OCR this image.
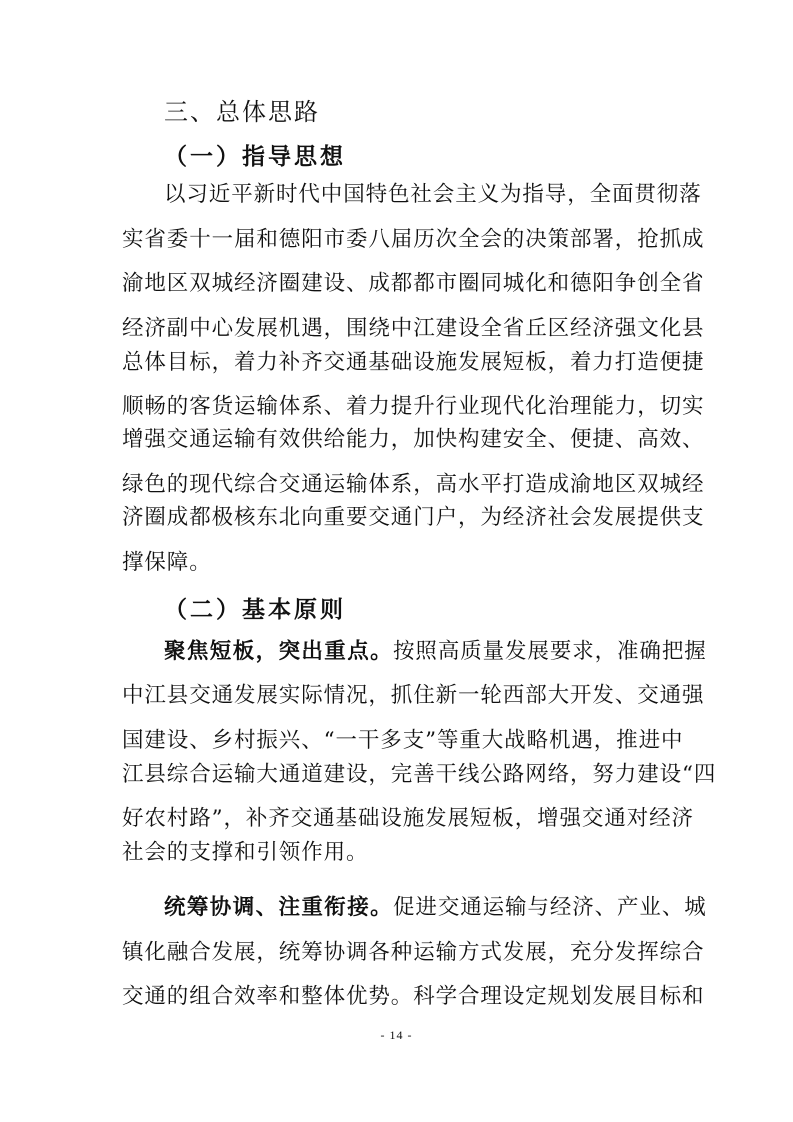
三、总体思路
（一）指导思想
以习近平新时代中国特色社会主义为指导，全面贯彻落
实省委十一届和德阳市委八届历次全会的决策部署，抢抓成
渝地区双城经济圈建设、成都都市圈同城化和德阳争创全省
经济副中心发展机遇，围绕中江建设全省丘区经济强文化县
总体目标，着力补齐交通基础设施发展短板，着力打造便捷
顺畅的客货运输体系、着力提升行业现代化治理能力，切实
增强交通运输有效供给能力，加快构建安全、便捷、高效、
绿色的现代综合交通运输体系，高水平打造成渝地区双城经
济圈成都极核东北向重要交通门户，为经济社会发展提供支
撑保障。
（二）基本原则
聚焦短板，突出重点。按照高质量发展要求，准确把握
中江县交通发展实际情况，抓住新一轮西部大开发、交通强
国建设、乡村振兴、“一干多支”等重大战略机遇，推进中
江县综合运输大通道建设，完善干线公路网络，努力建设“四
好农村路”，补齐交通基础设施发展短板，增强交通对经济
社会的支撑和引领作用。
统筹协调、注重衔接。促进交通运输与经济、产业、城
镇化融合发展，统筹协调各种运输方式发展，充分发挥综合
交通的组合效率和整体优势。科学合理设定规划发展目标和
- 14 -
